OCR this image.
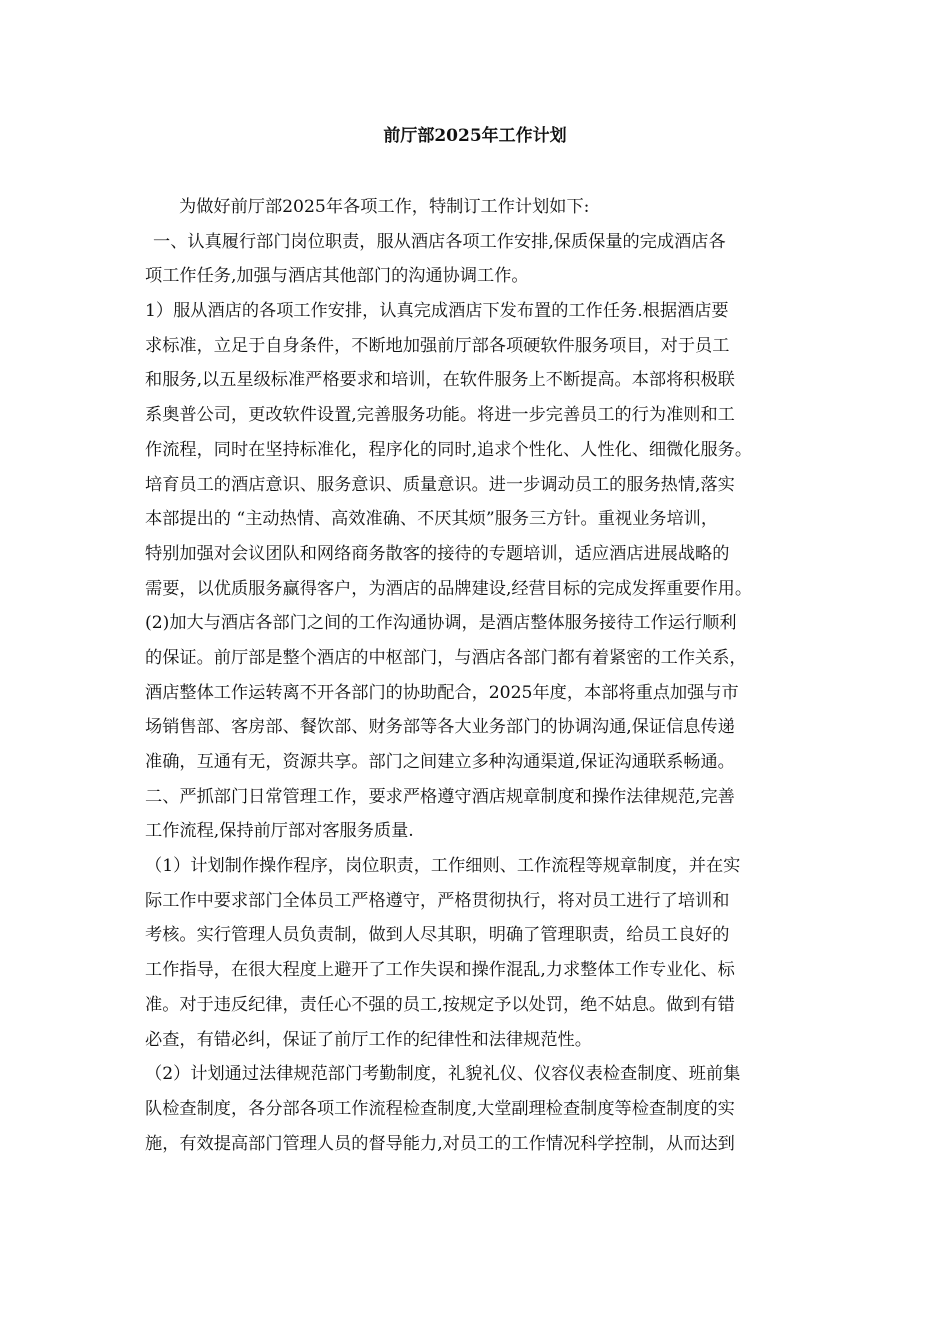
前厅部2025年工作计划
为做好前厅部2025年各项工作，特制订工作计划如下:
一、认真履行部门岗位职责，服从酒店各项工作安排,保质保量的完成酒店各
项工作任务,加强与酒店其他部门的沟通协调工作。
1）服从酒店的各项工作安排，认真完成酒店下发布置的工作任务.根据酒店要
求标准，立足于自身条件，不断地加强前厅部各项硬软件服务项目，对于员工
和服务,以五星级标准严格要求和培训，在软件服务上不断提高。本部将积极联
系奥普公司，更改软件设置,完善服务功能。将进一步完善员工的行为准则和工
作流程，同时在坚持标准化，程序化的同时,追求个性化、人性化、细微化服务。
培育员工的酒店意识、服务意识、质量意识。进一步调动员工的服务热情,落实
本部提出的 “主动热情、高效准确、不厌其烦”服务三方针。重视业务培训，
特别加强对会议团队和网络商务散客的接待的专题培训，适应酒店进展战略的
需要，以优质服务赢得客户，为酒店的品牌建设,经营目标的完成发挥重要作用。
(2)加大与酒店各部门之间的工作沟通协调，是酒店整体服务接待工作运行顺利
的保证。前厅部是整个酒店的中枢部门，与酒店各部门都有着紧密的工作关系，
酒店整体工作运转离不开各部门的协助配合，2025年度，本部将重点加强与市
场销售部、客房部、餐饮部、财务部等各大业务部门的协调沟通,保证信息传递
准确，互通有无，资源共享。部门之间建立多种沟通渠道,保证沟通联系畅通。
二、严抓部门日常管理工作，要求严格遵守酒店规章制度和操作法律规范,完善
工作流程,保持前厅部对客服务质量.
（1）计划制作操作程序，岗位职责，工作细则、工作流程等规章制度，并在实
际工作中要求部门全体员工严格遵守，严格贯彻执行，将对员工进行了培训和
考核。实行管理人员负责制，做到人尽其职，明确了管理职责，给员工良好的
工作指导，在很大程度上避开了工作失误和操作混乱,力求整体工作专业化、标
准。对于违反纪律，责任心不强的员工,按规定予以处罚，绝不姑息。做到有错
必查，有错必纠，保证了前厅工作的纪律性和法律规范性。
（2）计划通过法律规范部门考勤制度，礼貌礼仪、仪容仪表检查制度、班前集
队检查制度，各分部各项工作流程检查制度,大堂副理检查制度等检查制度的实
施，有效提高部门管理人员的督导能力,对员工的工作情况科学控制，从而达到
